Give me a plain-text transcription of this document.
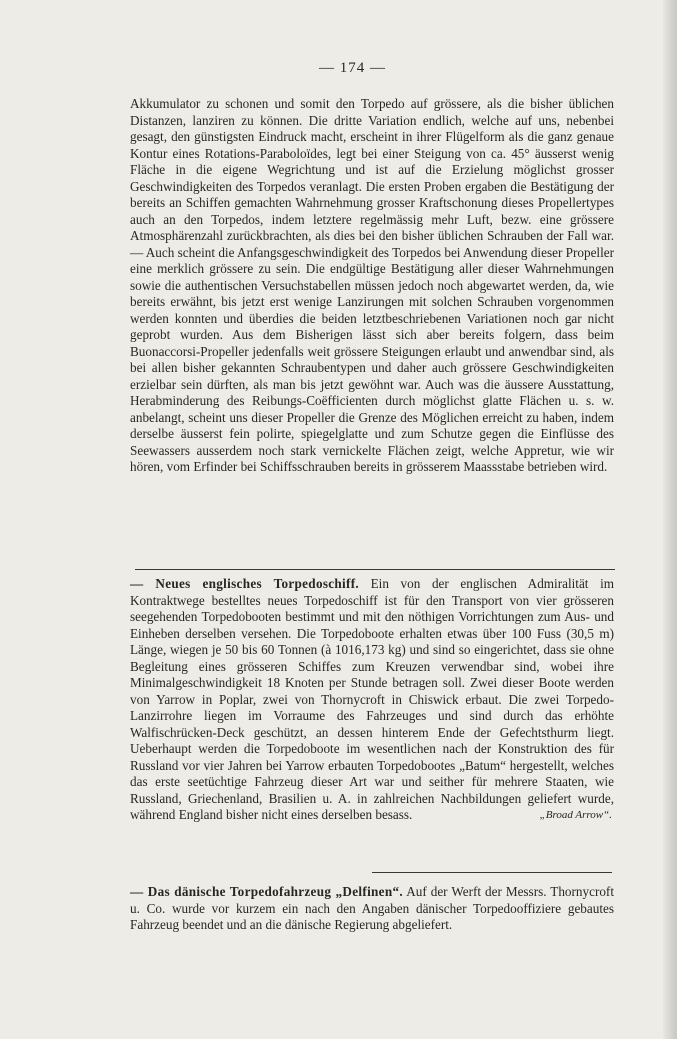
— 174 —

Akkumulator zu schonen und somit den Torpedo auf grössere, als die bisher üblichen Distanzen, lanziren zu können. Die dritte Variation endlich, welche auf uns, nebenbei gesagt, den günstigsten Eindruck macht, erscheint in ihrer Flügelform als die ganz genaue Kontur eines Rotations-Paraboloïdes, legt bei einer Steigung von ca. 45° äusserst wenig Fläche in die eigene Wegrichtung und ist auf die Erzielung möglichst grosser Geschwindigkeiten des Torpedos veranlagt. Die ersten Proben ergaben die Bestätigung der bereits an Schiffen gemachten Wahrnehmung grosser Kraftschonung dieses Propellertypes auch an den Torpedos, indem letztere regelmässig mehr Luft, bezw. eine grössere Atmosphärenzahl zurückbrachten, als dies bei den bisher üblichen Schrauben der Fall war. — Auch scheint die Anfangsgeschwindigkeit des Torpedos bei Anwendung dieser Propeller eine merklich grössere zu sein. Die endgültige Bestätigung aller dieser Wahrnehmungen sowie die authentischen Versuchstabellen müssen jedoch noch abgewartet werden, da, wie bereits erwähnt, bis jetzt erst wenige Lanzirungen mit solchen Schrauben vorgenommen werden konnten und überdies die beiden letztbeschriebenen Variationen noch gar nicht geprobt wurden. Aus dem Bisherigen lässt sich aber bereits folgern, dass beim Buonaccorsi-Propeller jedenfalls weit grössere Steigungen erlaubt und anwendbar sind, als bei allen bisher gekannten Schraubentypen und daher auch grössere Geschwindigkeiten erzielbar sein dürften, als man bis jetzt gewöhnt war. Auch was die äussere Ausstattung, Herabminderung des Reibungs-Coëfficienten durch möglichst glatte Flächen u. s. w. anbelangt, scheint uns dieser Propeller die Grenze des Möglichen erreicht zu haben, indem derselbe äusserst fein polirte, spiegelglatte und zum Schutze gegen die Einflüsse des Seewassers ausserdem noch stark vernickelte Flächen zeigt, welche Appretur, wie wir hören, vom Erfinder bei Schiffsschrauben bereits in grösserem Maassstabe betrieben wird.

— Neues englisches Torpedoschiff. Ein von der englischen Admiralität im Kontraktwege bestelltes neues Torpedoschiff ist für den Transport von vier grösseren seegehenden Torpedobooten bestimmt und mit den nöthigen Vorrichtungen zum Aus- und Einheben derselben versehen. Die Torpedoboote erhalten etwas über 100 Fuss (30,5 m) Länge, wiegen je 50 bis 60 Tonnen (à 1016,173 kg) und sind so eingerichtet, dass sie ohne Begleitung eines grösseren Schiffes zum Kreuzen verwendbar sind, wobei ihre Minimalgeschwindigkeit 18 Knoten per Stunde betragen soll. Zwei dieser Boote werden von Yarrow in Poplar, zwei von Thornycroft in Chiswick erbaut. Die zwei Torpedo-Lanzirrohre liegen im Vorraume des Fahrzeuges und sind durch das erhöhte Walfischrücken-Deck geschützt, an dessen hinterem Ende der Gefechtsthurm liegt. Ueberhaupt werden die Torpedoboote im wesentlichen nach der Konstruktion des für Russland vor vier Jahren bei Yarrow erbauten Torpedobootes „Batum“ hergestellt, welches das erste seetüchtige Fahrzeug dieser Art war und seither für mehrere Staaten, wie Russland, Griechenland, Brasilien u. A. in zahlreichen Nachbildungen geliefert wurde, während England bisher nicht eines derselben besass.	„Broad Arrow“.

— Das dänische Torpedofahrzeug „Delfinen“. Auf der Werft der Messrs. Thornycroft u. Co. wurde vor kurzem ein nach den Angaben dänischer Torpedooffiziere gebautes Fahrzeug beendet und an die dänische Regierung abgeliefert.
